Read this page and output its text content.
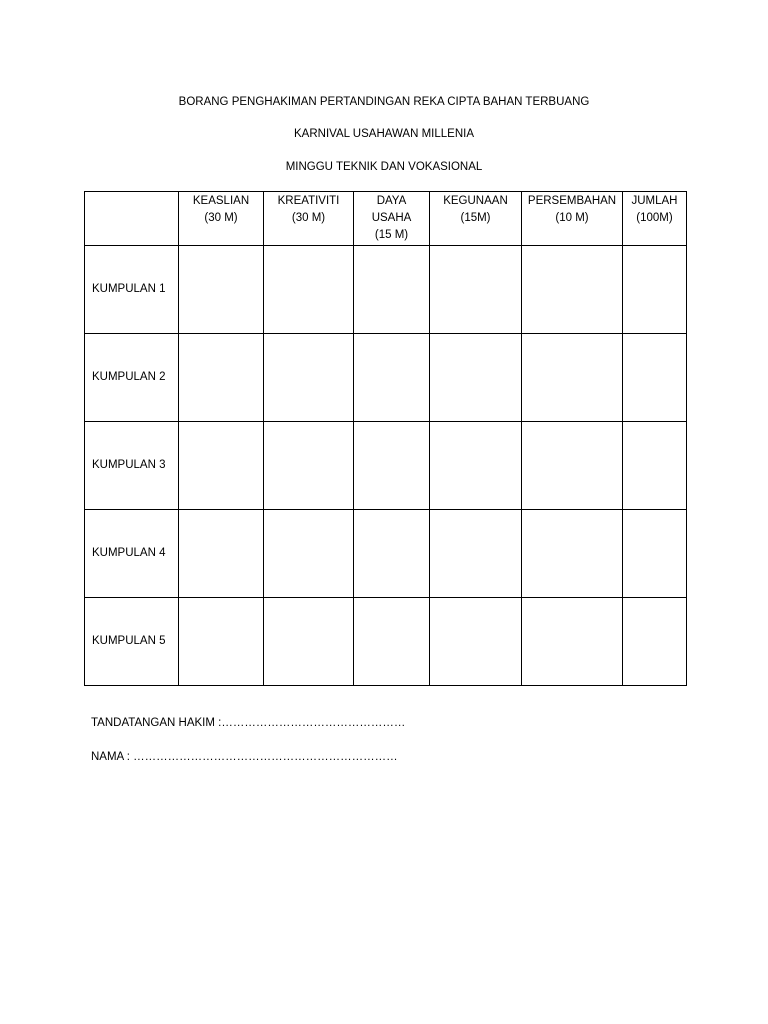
BORANG PENGHAKIMAN PERTANDINGAN REKA CIPTA BAHAN TERBUANG
KARNIVAL USAHAWAN MILLENIA
MINGGU TEKNIK DAN VOKASIONAL

	KEASLIAN
(30 M)	KREATIVITI
(30 M)	DAYA
USAHA
(15 M)	KEGUNAAN
(15M)	PERSEMBAHAN
(10 M)	JUMLAH
(100M)

KUMPULAN 1						
KUMPULAN 2						
KUMPULAN 3						
KUMPULAN 4						
KUMPULAN 5						
TANDATANGAN HAKIM :…………………………………………
NAMA : ……………………………………………………………
